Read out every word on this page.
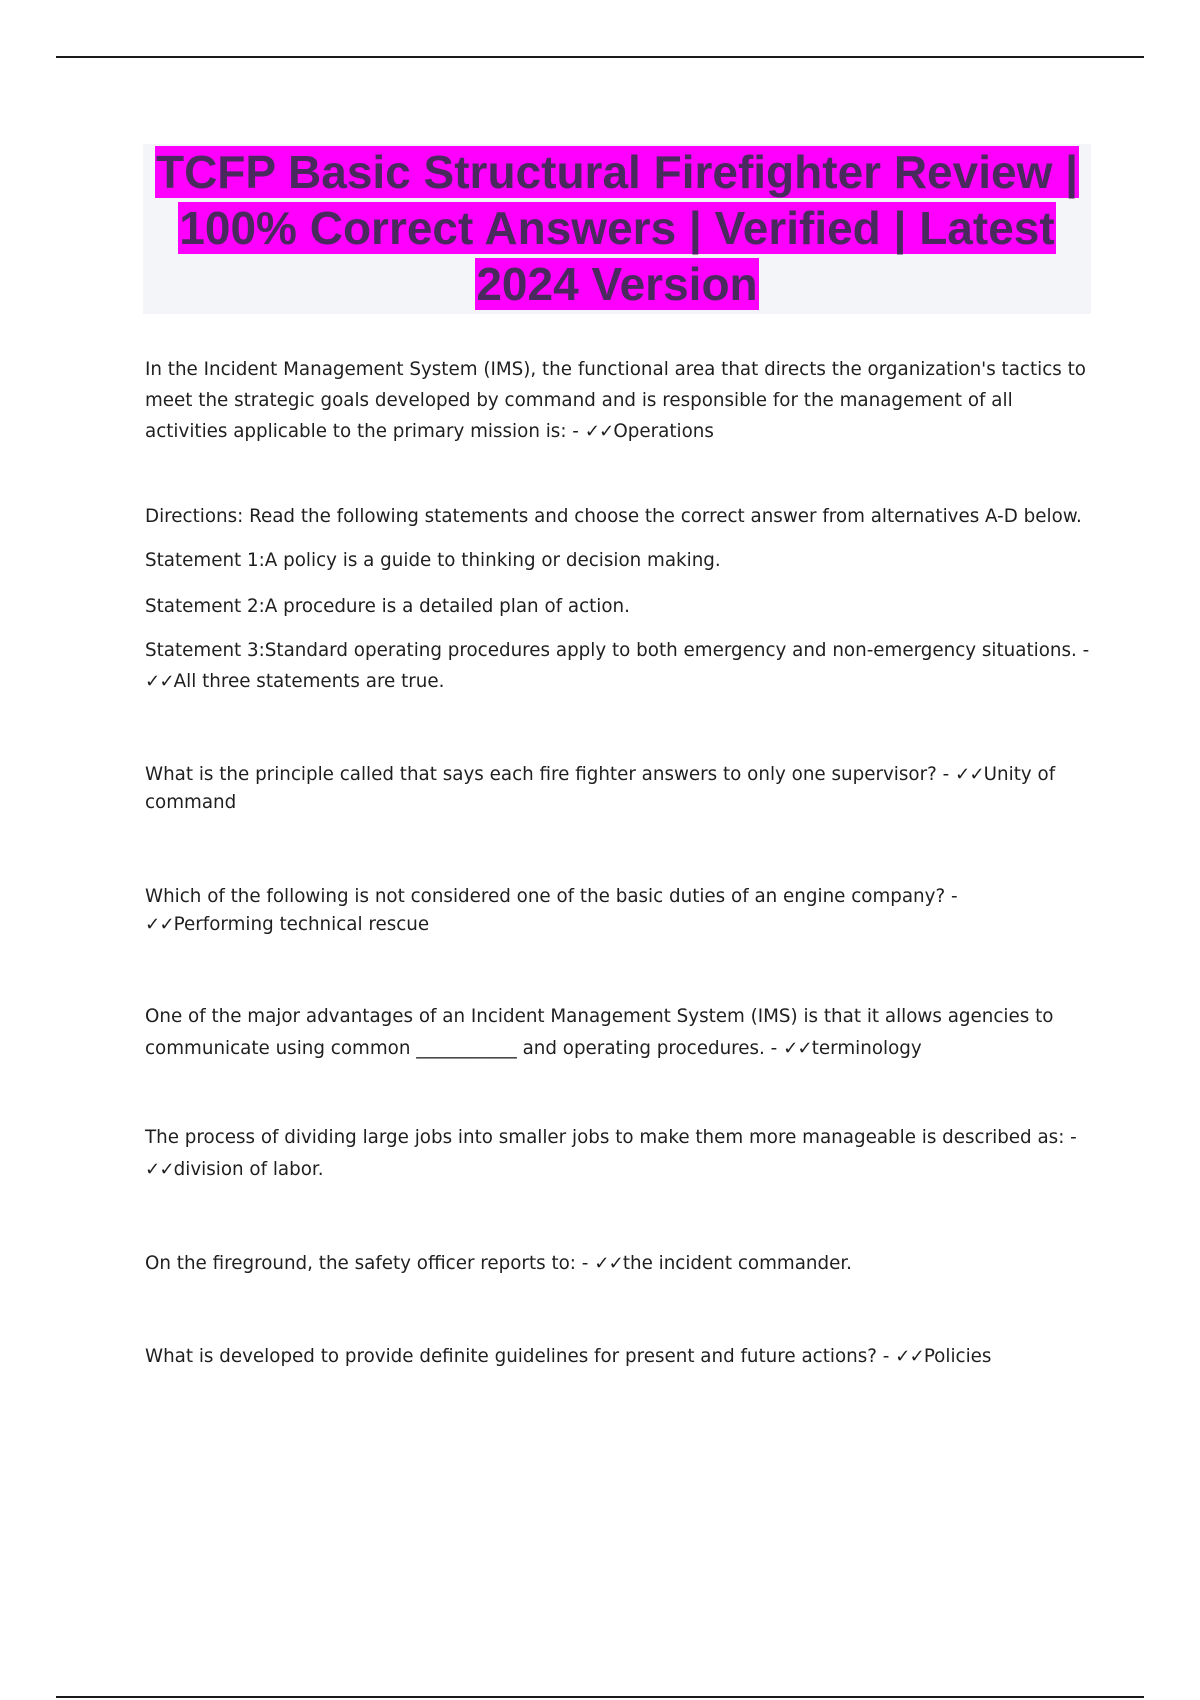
TCFP Basic Structural Firefighter Review | 100% Correct Answers | Verified | Latest 2024 Version

In the Incident Management System (IMS), the functional area that directs the organization's tactics to meet the strategic goals developed by command and is responsible for the management of all activities applicable to the primary mission is: - ✓✓Operations

Directions: Read the following statements and choose the correct answer from alternatives A-D below.

Statement 1:A policy is a guide to thinking or decision making.

Statement 2:A procedure is a detailed plan of action.

Statement 3:Standard operating procedures apply to both emergency and non-emergency situations. - ✓✓All three statements are true.

What is the principle called that says each fire fighter answers to only one supervisor? - ✓✓Unity of command

Which of the following is not considered one of the basic duties of an engine company? - ✓✓Performing technical rescue

One of the major advantages of an Incident Management System (IMS) is that it allows agencies to communicate using common ___________ and operating procedures. - ✓✓terminology

The process of dividing large jobs into smaller jobs to make them more manageable is described as: - ✓✓division of labor.

On the fireground, the safety officer reports to: - ✓✓the incident commander.

What is developed to provide definite guidelines for present and future actions? - ✓✓Policies
